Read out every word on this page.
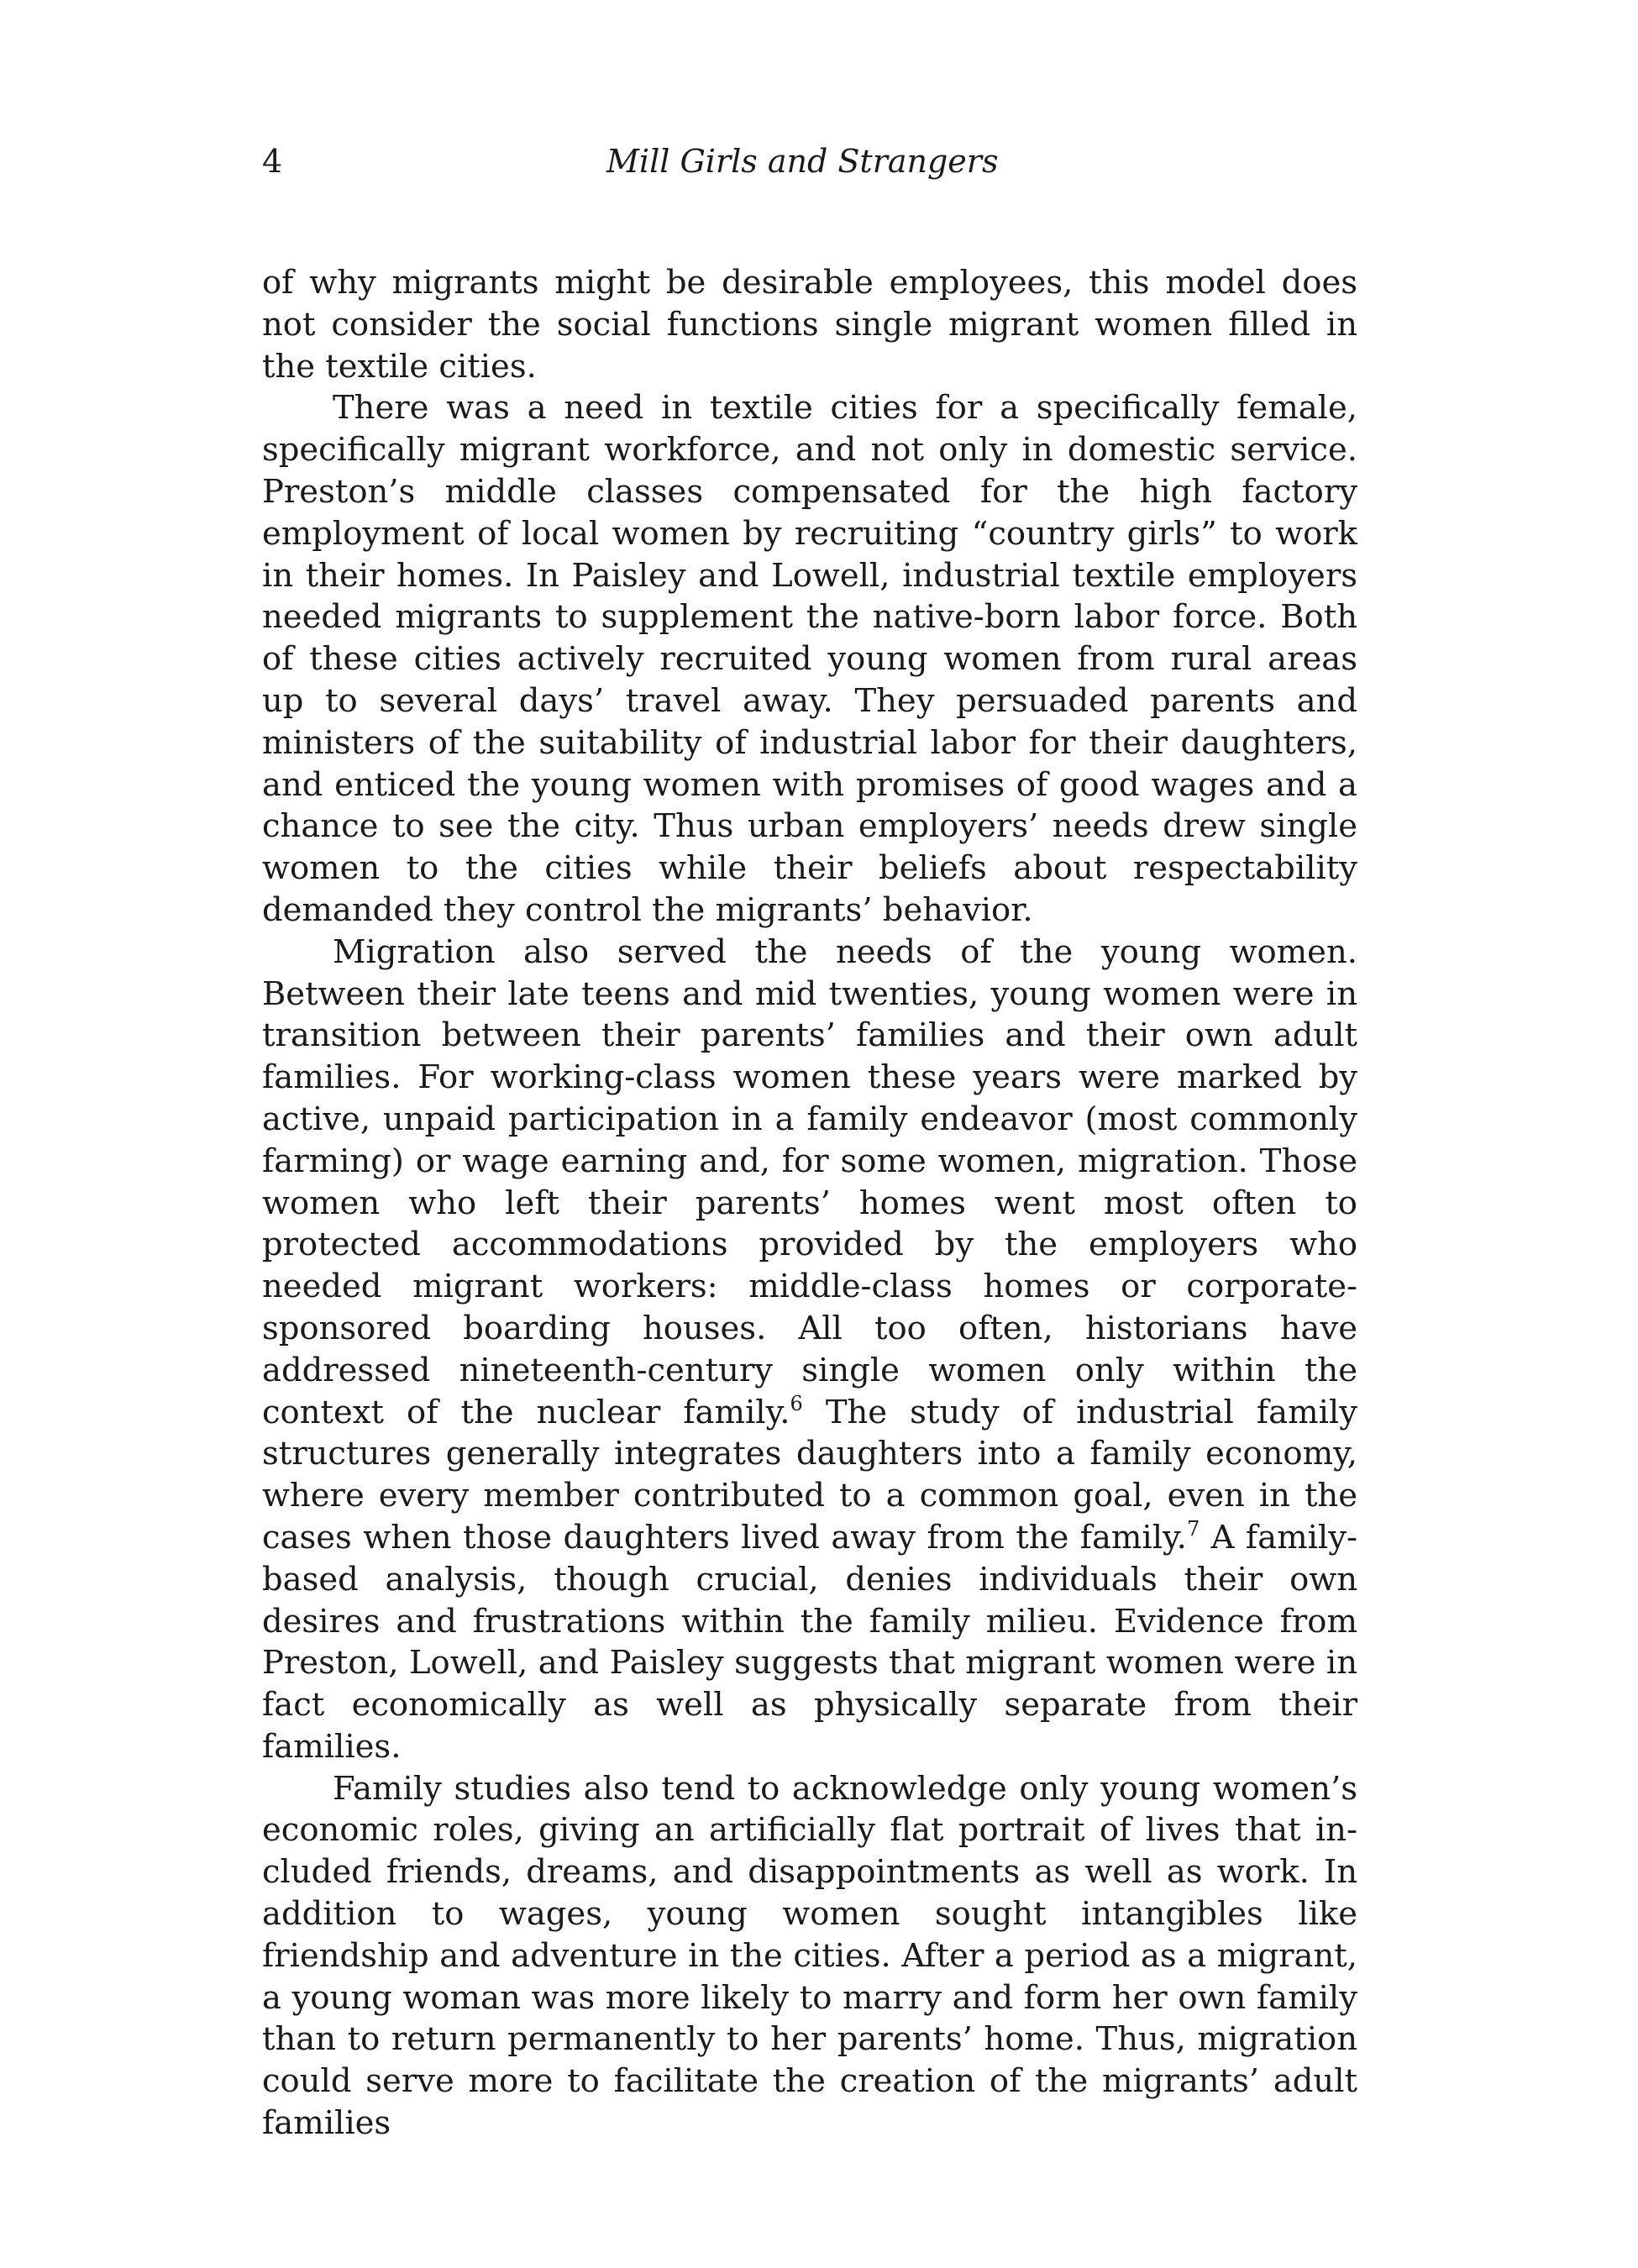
4	Mill Girls and Strangers

of why migrants might be desirable employees, this model does not consider the social functions single migrant women filled in the textile cities.

There was a need in textile cities for a specifically female, specifically migrant workforce, and not only in domestic service. Preston’s middle classes compensated for the high factory employment of local women by recruiting “country girls” to work in their homes. In Paisley and Lowell, industrial textile employers needed migrants to supplement the native-born labor force. Both of these cities actively recruited young women from rural areas up to several days’ travel away. They persuaded parents and ministers of the suitability of industrial labor for their daughters, and enticed the young women with promises of good wages and a chance to see the city. Thus urban employers’ needs drew single women to the cities while their beliefs about respectability demanded they control the migrants’ behavior.

Migration also served the needs of the young women. Between their late teens and mid twenties, young women were in transition between their parents’ families and their own adult families. For working-class women these years were marked by active, unpaid participation in a family endeavor (most commonly farming) or wage earning and, for some women, migration. Those women who left their parents’ homes went most often to protected accommodations provided by the employers who needed migrant workers: middle-class homes or corporate-sponsored boarding houses. All too often, historians have addressed nineteenth-century single women only within the context of the nuclear family.$^6$ The study of industrial family structures generally integrates daughters into a family economy, where every member contributed to a common goal, even in the cases when those daughters lived away from the family.$^7$ A family-based analysis, though crucial, denies individuals their own desires and frustrations within the family milieu. Evidence from Preston, Lowell, and Paisley suggests that migrant women were in fact economically as well as physically separate from their families.

Family studies also tend to acknowledge only young women’s economic roles, giving an artificially flat portrait of lives that included friends, dreams, and disappointments as well as work. In addition to wages, young women sought intangibles like friendship and adventure in the cities. After a period as a migrant, a young woman was more likely to marry and form her own family than to return permanently to her parents’ home. Thus, migration could serve more to facilitate the creation of the migrants’ adult families
